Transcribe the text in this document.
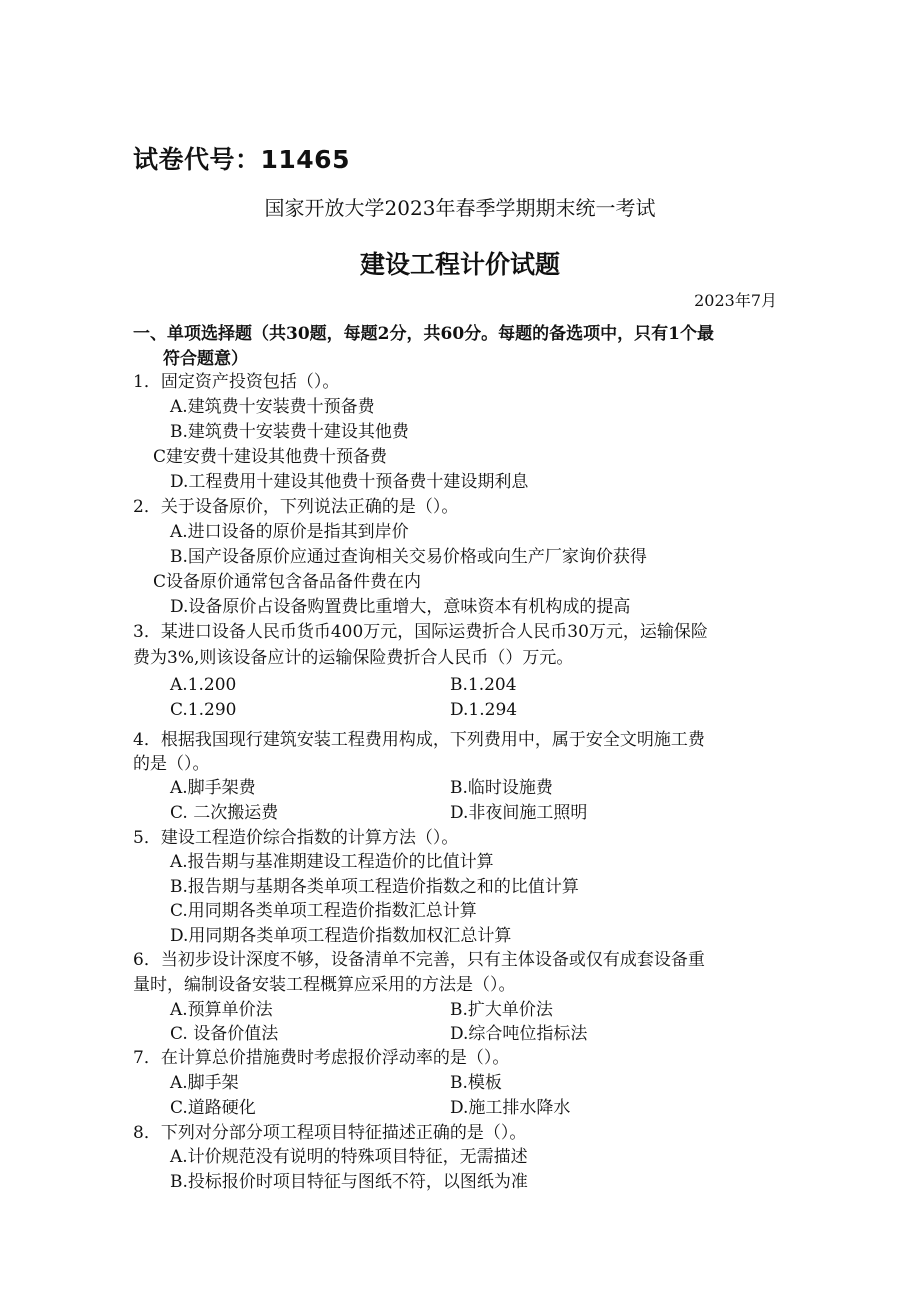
试卷代号：11465
国家开放大学2023年春季学期期末统一考试
建设工程计价试题
2023年7月
一、单项选择题（共30题，每题2分，共60分。每题的备选项中，只有1个最
符合题意）
1．固定资产投资包括（）。
A.建筑费十安装费十预备费
B.建筑费十安装费十建设其他费
C建安费十建设其他费十预备费
D.工程费用十建设其他费十预备费十建设期利息
2．关于设备原价，下列说法正确的是（）。
A.进口设备的原价是指其到岸价
B.国产设备原价应通过查询相关交易价格或向生产厂家询价获得
C设备原价通常包含备品备件费在内
D.设备原价占设备购置费比重增大，意味资本有机构成的提高
3．某进口设备人民币货币400万元，国际运费折合人民币30万元，运输保险
费为3%,则该设备应计的运输保险费折合人民币（）万元。
A.1.200	B.1.204
C.1.290	D.1.294
4．根据我国现行建筑安装工程费用构成，下列费用中，属于安全文明施工费
的是（）。
A.脚手架费	B.临时设施费
C. 二次搬运费	D.非夜间施工照明
5．建设工程造价综合指数的计算方法（）。
A.报告期与基准期建设工程造价的比值计算
B.报告期与基期各类单项工程造价指数之和的比值计算
C.用同期各类单项工程造价指数汇总计算
D.用同期各类单项工程造价指数加权汇总计算
6．当初步设计深度不够，设备清单不完善，只有主体设备或仅有成套设备重
量时，编制设备安装工程概算应采用的方法是（）。
A.预算单价法	B.扩大单价法
C. 设备价值法	D.综合吨位指标法
7．在计算总价措施费时考虑报价浮动率的是（）。
A.脚手架	B.模板
C.道路硬化	D.施工排水降水
8．下列对分部分项工程项目特征描述正确的是（）。
A.计价规范没有说明的特殊项目特征，无需描述
B.投标报价时项目特征与图纸不符，以图纸为准
